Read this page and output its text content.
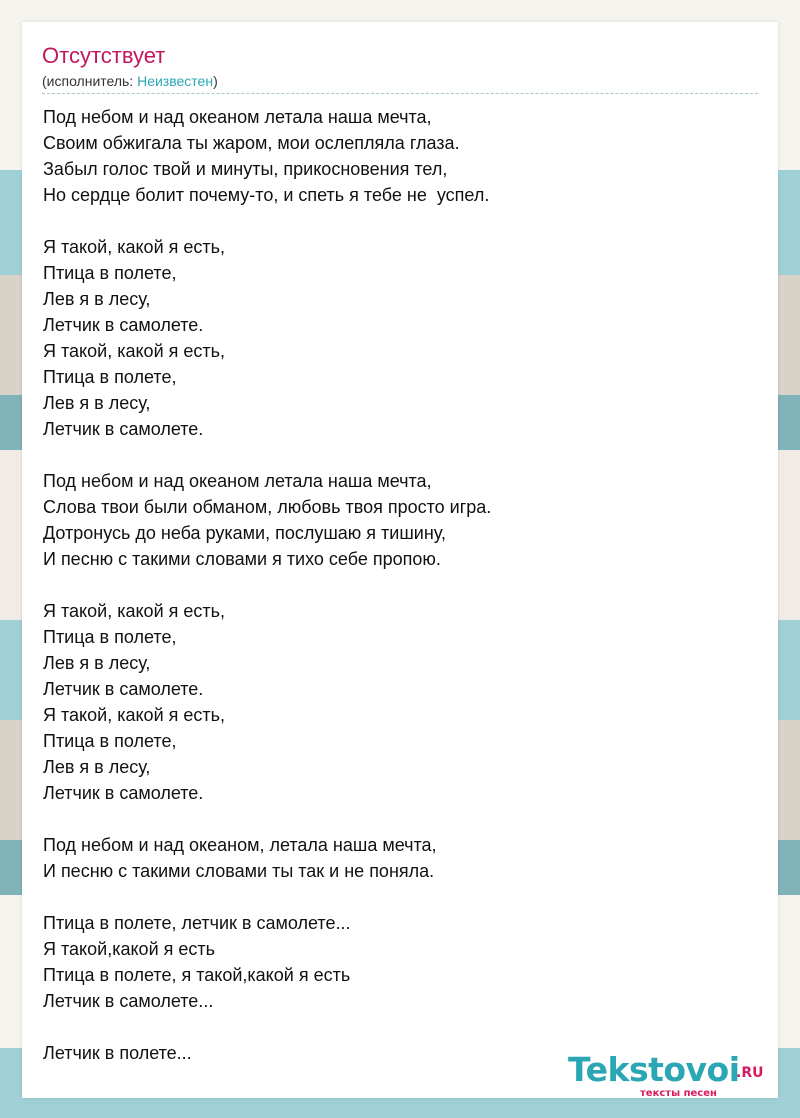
Отсутствует
(исполнитель: Неизвестен)
Под небом и над океаном летала наша мечта,
Своим обжигала ты жаром, мои ослепляла глаза.
Забыл голос твой и минуты, прикосновения тел,
Но сердце болит почему-то, и спеть я тебе не  успел.
Я такой, какой я есть,
Птица в полете,
Лев я в лесу,
Летчик в самолете.
Я такой, какой я есть,
Птица в полете,
Лев я в лесу,
Летчик в самолете.
Под небом и над океаном летала наша мечта,
Слова твои были обманом, любовь твоя просто игра.
Дотронусь до неба руками, послушаю я тишину,
И песню с такими словами я тихо себе пропою.
Я такой, какой я есть,
Птица в полете,
Лев я в лесу,
Летчик в самолете.
Я такой, какой я есть,
Птица в полете,
Лев я в лесу,
Летчик в самолете.
Под небом и над океаном, летала наша мечта,
И песню с такими словами ты так и не поняла.
Птица в полете, летчик в самолете...
Я такой,какой я есть
Птица в полете, я такой,какой я есть
Летчик в самолете...
Летчик в полете...	Tekstovoi
.RU
тексты песен
